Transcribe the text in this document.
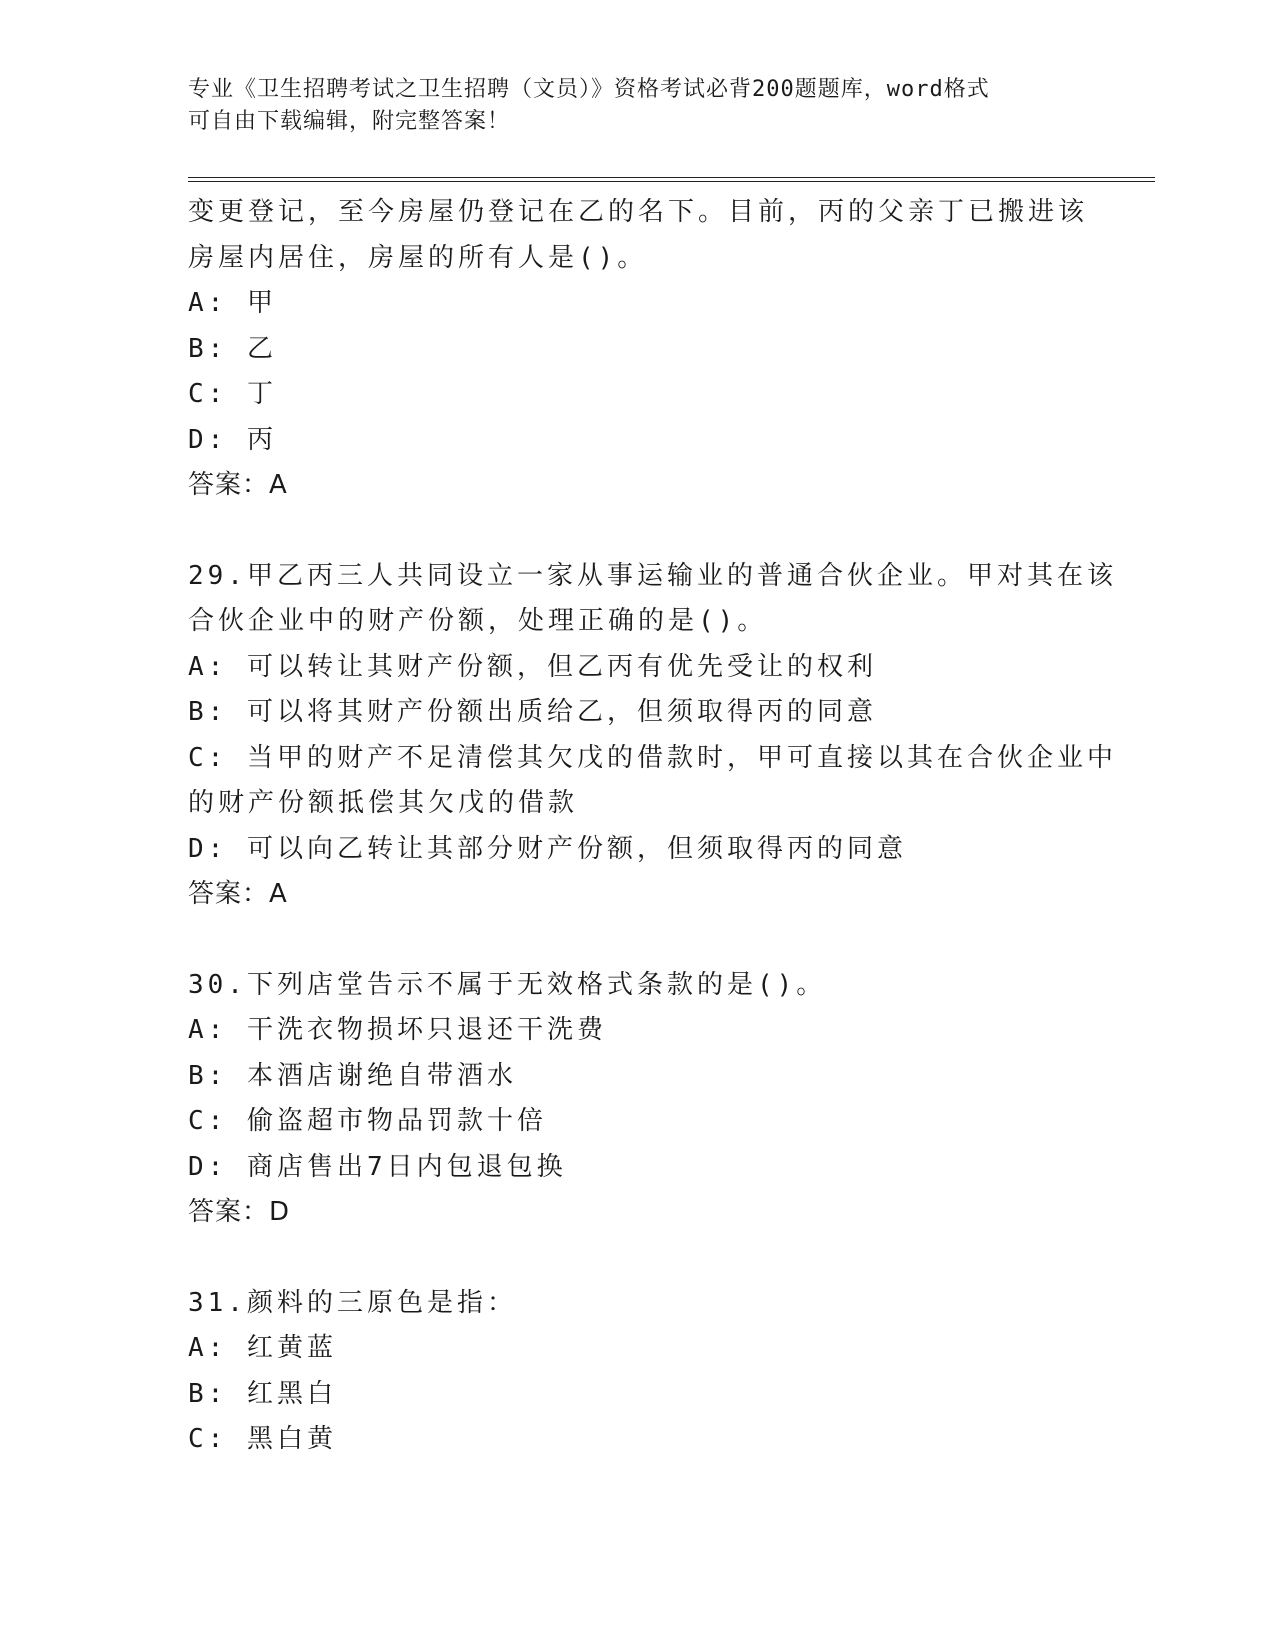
专业《卫生招聘考试之卫生招聘（文员）》资格考试必背200题题库，word格式
可自由下载编辑，附完整答案！
变更登记，至今房屋仍登记在乙的名下。目前，丙的父亲丁已搬进该
房屋内居住，房屋的所有人是()。
A: 甲
B: 乙
C: 丁
D: 丙
答案：A
29.甲乙丙三人共同设立一家从事运输业的普通合伙企业。甲对其在该
合伙企业中的财产份额，处理正确的是()。
A: 可以转让其财产份额，但乙丙有优先受让的权利
B: 可以将其财产份额出质给乙，但须取得丙的同意
C: 当甲的财产不足清偿其欠戊的借款时，甲可直接以其在合伙企业中
的财产份额抵偿其欠戊的借款
D: 可以向乙转让其部分财产份额，但须取得丙的同意
答案：A
30.下列店堂告示不属于无效格式条款的是()。
A: 干洗衣物损坏只退还干洗费
B: 本酒店谢绝自带酒水
C: 偷盗超市物品罚款十倍
D: 商店售出7日内包退包换
答案：D
31.颜料的三原色是指：
A: 红黄蓝
B: 红黑白
C: 黑白黄
